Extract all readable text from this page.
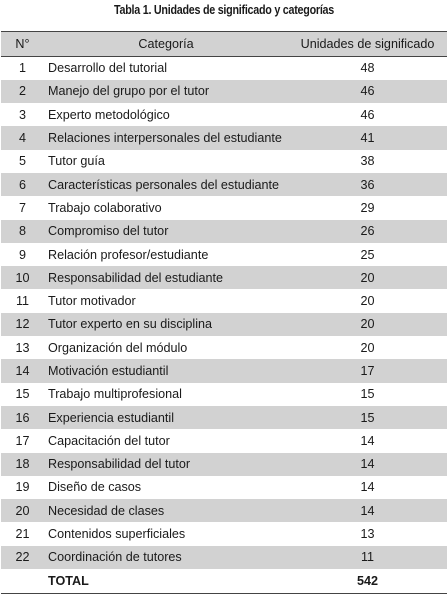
Tabla 1. Unidades de significado y categorías
N°	Categoría	Unidades de significado
1	Desarrollo del tutorial	48
2	Manejo del grupo por el tutor	46
3	Experto metodológico	46
4	Relaciones interpersonales del estudiante	41
5	Tutor guía	38
6	Características personales del estudiante	36
7	Trabajo colaborativo	29
8	Compromiso del tutor	26
9	Relación profesor/estudiante	25
10	Responsabilidad del estudiante	20
11	Tutor motivador	20
12	Tutor experto en su disciplina	20
13	Organización del módulo	20
14	Motivación estudiantil	17
15	Trabajo multiprofesional	15
16	Experiencia estudiantil	15
17	Capacitación del tutor	14
18	Responsabilidad del tutor	14
19	Diseño de casos	14
20	Necesidad de clases	14
21	Contenidos superficiales	13
22	Coordinación de tutores	11
	TOTAL	542
